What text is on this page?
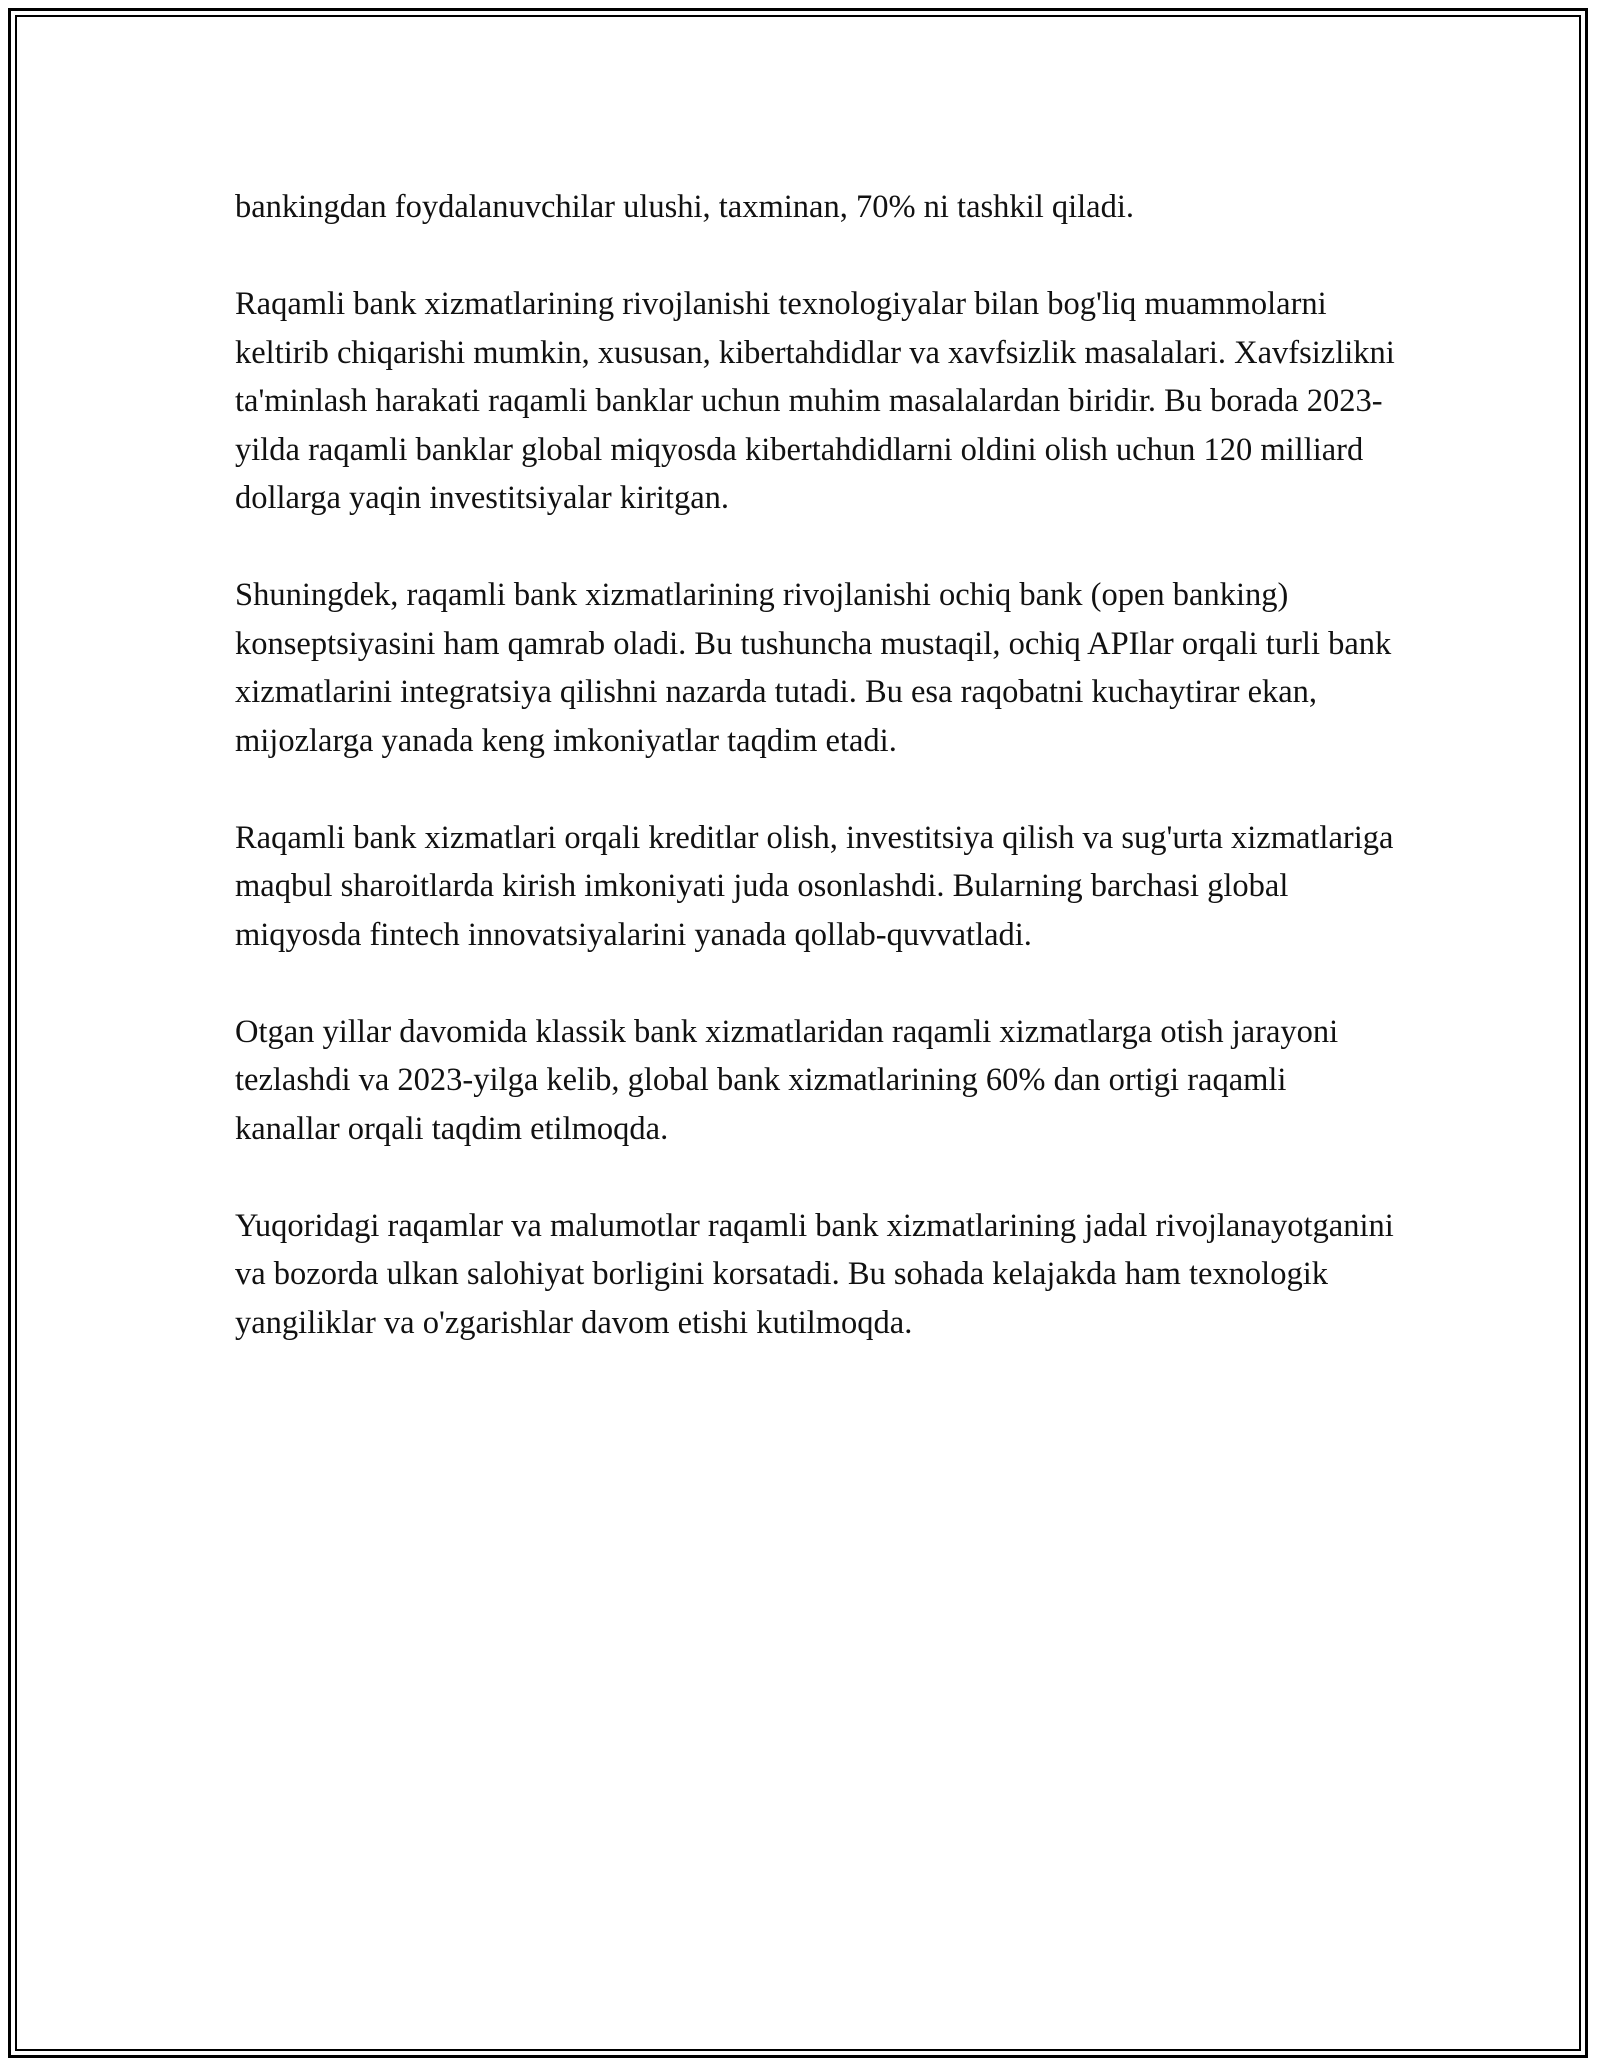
bankingdan foydalanuvchilar ulushi, taxminan, 70% ni tashkil qiladi.

Raqamli bank xizmatlarining rivojlanishi texnologiyalar bilan bog'liq muammolarni keltirib chiqarishi mumkin, xususan, kibertahdidlar va xavfsizlik masalalari. Xavfsizlikni ta'minlash harakati raqamli banklar uchun muhim masalalardan biridir. Bu borada 2023-yilda raqamli banklar global miqyosda kibertahdidlarni oldini olish uchun 120 milliard dollarga yaqin investitsiyalar kiritgan.

Shuningdek, raqamli bank xizmatlarining rivojlanishi ochiq bank (open banking) konseptsiyasini ham qamrab oladi. Bu tushuncha mustaqil, ochiq APIlar orqali turli bank xizmatlarini integratsiya qilishni nazarda tutadi. Bu esa raqobatni kuchaytirar ekan, mijozlarga yanada keng imkoniyatlar taqdim etadi.

Raqamli bank xizmatlari orqali kreditlar olish, investitsiya qilish va sug'urta xizmatlariga maqbul sharoitlarda kirish imkoniyati juda osonlashdi. Bularning barchasi global miqyosda fintech innovatsiyalarini yanada qollab-quvvatladi.

Otgan yillar davomida klassik bank xizmatlaridan raqamli xizmatlarga otish jarayoni tezlashdi va 2023-yilga kelib, global bank xizmatlarining 60% dan ortigi raqamli kanallar orqali taqdim etilmoqda.

Yuqoridagi raqamlar va malumotlar raqamli bank xizmatlarining jadal rivojlanayotganini va bozorda ulkan salohiyat borligini korsatadi. Bu sohada kelajakda ham texnologik yangiliklar va o'zgarishlar davom etishi kutilmoqda.
